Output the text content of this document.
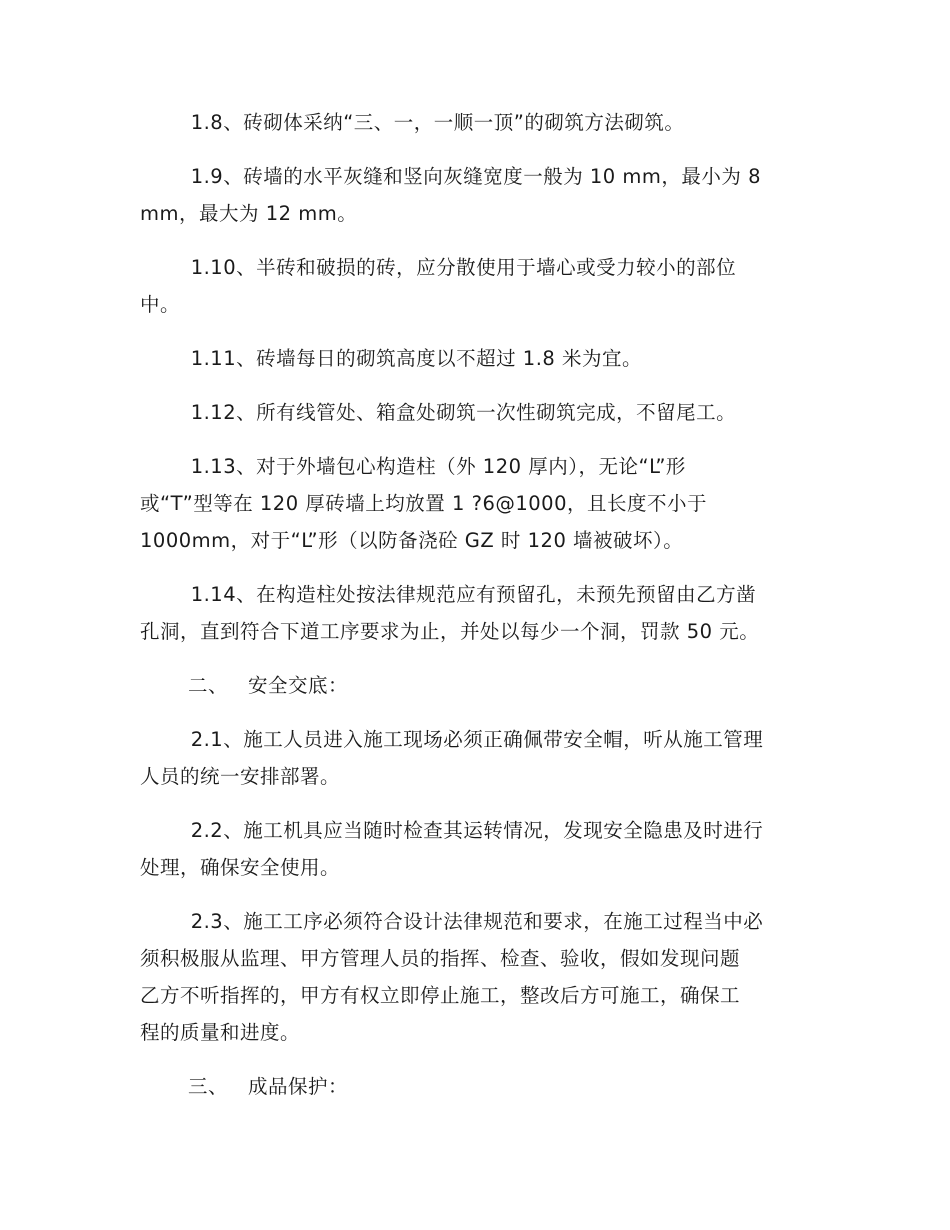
1.8、砖砌体采纳“三、一，一顺一顶”的砌筑方法砌筑。

1.9、砖墙的水平灰缝和竖向灰缝宽度一般为 10 mm，最小为 8
mm，最大为 12 mm。

1.10、半砖和破损的砖，应分散使用于墙心或受力较小的部位
中。

1.11、砖墙每日的砌筑高度以不超过 1.8 米为宜。

1.12、所有线管处、箱盒处砌筑一次性砌筑完成，不留尾工。

1.13、对于外墙包心构造柱（外 120 厚内），无论“L”形
或“T”型等在 120 厚砖墙上均放置 1 ?6@1000，且长度不小于
1000mm，对于“L”形（以防备浇砼 GZ 时 120 墙被破坏）。

1.14、在构造柱处按法律规范应有预留孔，未预先预留由乙方凿
孔洞，直到符合下道工序要求为止，并处以每少一个洞，罚款 50 元。

二、 安全交底：

2.1、施工人员进入施工现场必须正确佩带安全帽，听从施工管理
人员的统一安排部署。

2.2、施工机具应当随时检查其运转情况，发现安全隐患及时进行
处理，确保安全使用。

2.3、施工工序必须符合设计法律规范和要求，在施工过程当中必
须积极服从监理、甲方管理人员的指挥、检查、验收，假如发现问题
乙方不听指挥的，甲方有权立即停止施工，整改后方可施工，确保工
程的质量和进度。

三、 成品保护：
